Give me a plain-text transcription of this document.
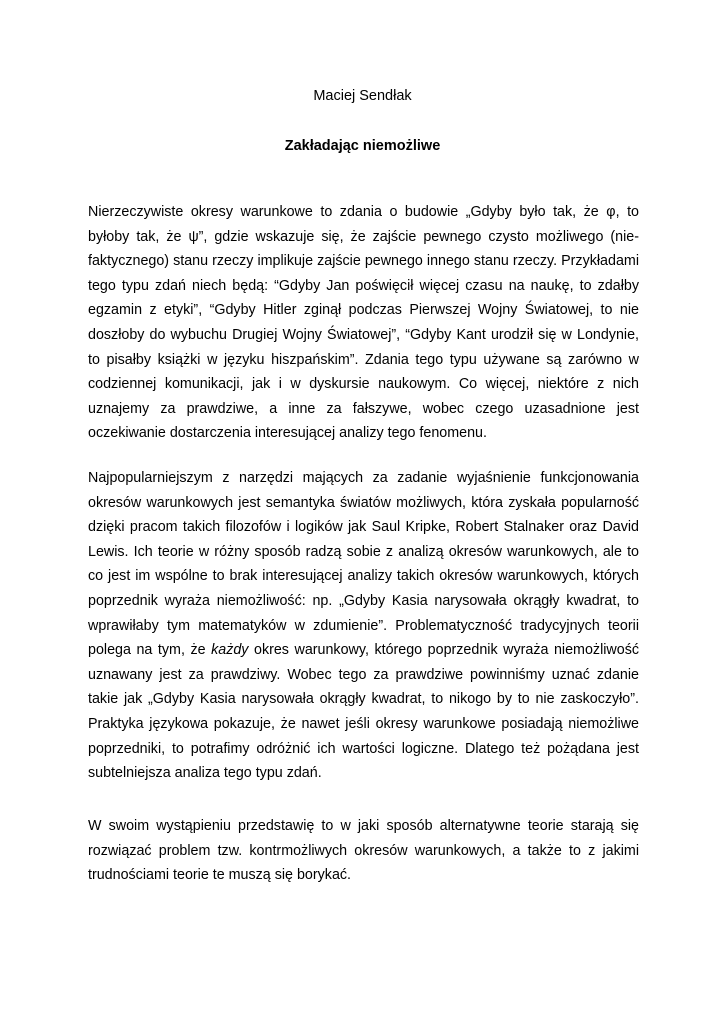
Maciej Sendłak

Zakładając niemożliwe

Nierzeczywiste okresy warunkowe to zdania o budowie „Gdyby było tak, że φ, to byłoby tak, że ψ”, gdzie wskazuje się, że zajście pewnego czysto możliwego (nie-faktycznego) stanu rzeczy implikuje zajście pewnego innego stanu rzeczy. Przykładami tego typu zdań niech będą: “Gdyby Jan poświęcił więcej czasu na naukę, to zdałby egzamin z etyki”, “Gdyby Hitler zginął podczas Pierwszej Wojny Światowej, to nie doszłoby do wybuchu Drugiej Wojny Światowej”, “Gdyby Kant urodził się w Londynie, to pisałby książki w języku hiszpańskim”. Zdania tego typu używane są zarówno w codziennej komunikacji, jak i w dyskursie naukowym. Co więcej, niektóre z nich uznajemy za prawdziwe, a inne za fałszywe, wobec czego uzasadnione jest oczekiwanie dostarczenia interesującej analizy tego fenomenu.

Najpopularniejszym z narzędzi mających za zadanie wyjaśnienie funkcjonowania okresów warunkowych jest semantyka światów możliwych, która zyskała popularność dzięki pracom takich filozofów i logików jak Saul Kripke, Robert Stalnaker oraz David Lewis. Ich teorie w różny sposób radzą sobie z analizą okresów warunkowych, ale to co jest im wspólne to brak interesującej analizy takich okresów warunkowych, których poprzednik wyraża niemożliwość: np. „Gdyby Kasia narysowała okrągły kwadrat, to wprawiłaby tym matematyków w zdumienie”. Problematyczność tradycyjnych teorii polega na tym, że każdy okres warunkowy, którego poprzednik wyraża niemożliwość uznawany jest za prawdziwy. Wobec tego za prawdziwe powinniśmy uznać zdanie takie jak „Gdyby Kasia narysowała okrągły kwadrat, to nikogo by to nie zaskoczyło”. Praktyka językowa pokazuje, że nawet jeśli okresy warunkowe posiadają niemożliwe poprzedniki, to potrafimy odróżnić ich wartości logiczne. Dlatego też pożądana jest subtelniejsza analiza tego typu zdań.

W swoim wystąpieniu przedstawię to w jaki sposób alternatywne teorie starają się rozwiązać problem tzw. kontrmożliwych okresów warunkowych, a także to z jakimi trudnościami teorie te muszą się borykać.
